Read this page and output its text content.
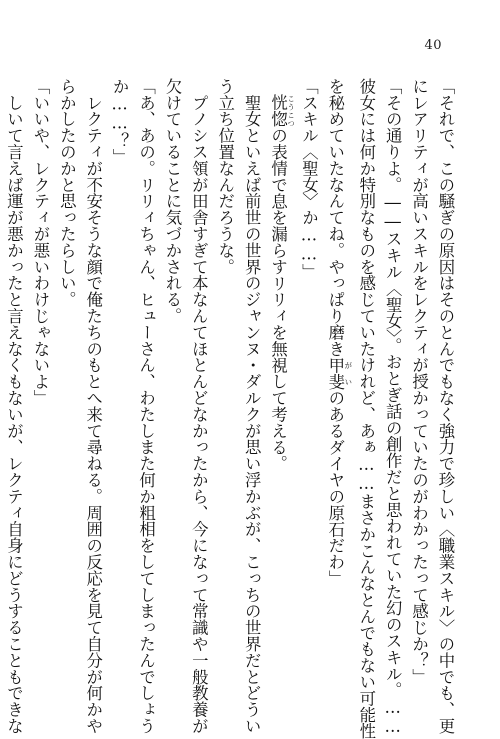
40
「それで、この騒ぎの原因はそのとんでもなく強力で珍しい〈職業スキル〉の中でも、更
にレアリティが高いスキルをレクティが授かっていたのがわかったって感じか？」
「その通りよ。――スキル〈聖女〉。おとぎ話の創作だと思われていた幻のスキル。……
彼女には何か特別なものを感じていたけれど、あぁ……まさかこんなとんでもない可能性
を秘めていたなんてね。やっぱり磨き甲斐 がいのあるダイヤの原石だわ」
「スキル〈聖女〉か……」
　恍惚 こうこつの表情で息を漏らすリリィを無視して考える。
　聖女といえば前世の世界のジャンヌ・ダルクが思い浮かぶが、こっちの世界だとどうい
う立ち位置なんだろうな。
　プノシス領が田舎すぎて本なんてほとんどなかったから、今になって常識や一般教養が
欠けていることに気づかされる。
「あ、あの。リリィちゃん、ヒューさん、わたしまた何か粗相をしてしまったんでしょう
か……？」
　レクティが不安そうな顔で俺たちのもとへ来て尋ねる。周囲の反応を見て自分が何かや
らかしたのかと思ったらしい。
「いいや、レクティが悪いわけじゃないよ」
　しいて言えば運が悪かったと言えなくもないが、レクティ自身にどうすることもできな
